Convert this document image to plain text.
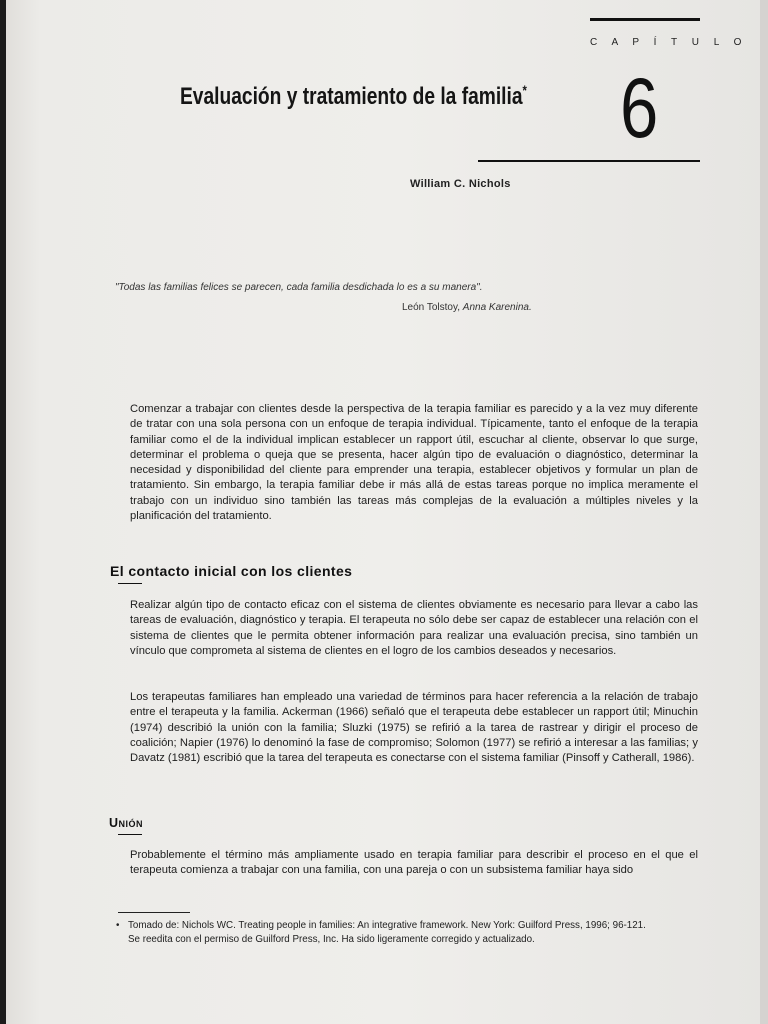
C A P Í T U L O
6
Evaluación y tratamiento de la familia*
William C. Nichols
"Todas las familias felices se parecen, cada familia desdichada lo es a su manera".
León Tolstoy, Anna Karenina.

Comenzar a trabajar con clientes desde la perspectiva de la terapia familiar es parecido y a la vez muy diferente de tratar con una sola persona con un enfoque de terapia individual. Típicamente, tanto el enfoque de la terapia familiar como el de la individual implican establecer un rapport útil, escuchar al cliente, observar lo que surge, determinar el problema o queja que se presenta, hacer algún tipo de evaluación o diagnóstico, determinar la necesidad y disponibilidad del cliente para emprender una terapia, establecer objetivos y formular un plan de tratamiento. Sin embargo, la terapia familiar debe ir más allá de estas tareas porque no implica meramente el trabajo con un individuo sino también las tareas más complejas de la evaluación a múltiples niveles y la planificación del tratamiento.

El contacto inicial con los clientes

Realizar algún tipo de contacto eficaz con el sistema de clientes obviamente es necesario para llevar a cabo las tareas de evaluación, diagnóstico y terapia. El terapeuta no sólo debe ser capaz de establecer una relación con el sistema de clientes que le permita obtener información para realizar una evaluación precisa, sino también un vínculo que comprometa al sistema de clientes en el logro de los cambios deseados y necesarios.

Los terapeutas familiares han empleado una variedad de términos para hacer referencia a la relación de trabajo entre el terapeuta y la familia. Ackerman (1966) señaló que el terapeuta debe establecer un rapport útil; Minuchin (1974) describió la unión con la familia; Sluzki (1975) se refirió a la tarea de rastrear y dirigir el proceso de coalición; Napier (1976) lo denominó la fase de compromiso; Solomon (1977) se refirió a interesar a las familias; y Davatz (1981) escribió que la tarea del terapeuta es conectarse con el sistema familiar (Pinsoff y Catherall, 1986).

Unión

Probablemente el término más ampliamente usado en terapia familiar para describir el proceso en el que el terapeuta comienza a trabajar con una familia, con una pareja o con un subsistema familiar haya sido

• Tomado de: Nichols WC. Treating people in families: An integrative framework. New York: Guilford Press, 1996; 96-121.
Se reedita con el permiso de Guilford Press, Inc. Ha sido ligeramente corregido y actualizado.
